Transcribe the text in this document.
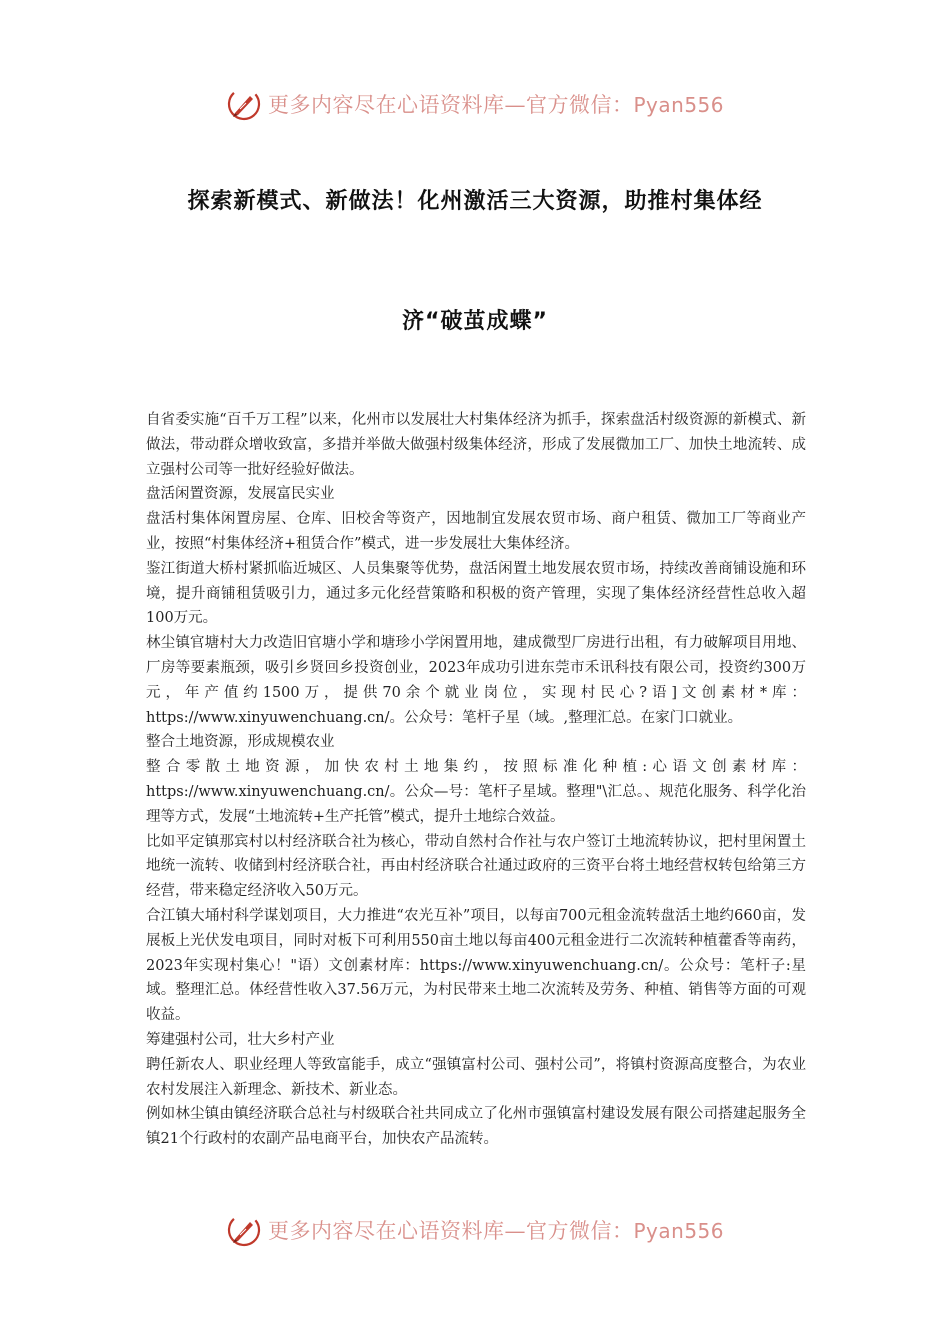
更多内容尽在心语资料库—官方微信：Pyan556
探索新模式、新做法！化州激活三大资源，助推村集体经
济“破茧成蝶”

自省委实施“百千万工程”以来，化州市以发展壮大村集体经济为抓手，探索盘活村级资源的新模式、新做法，带动群众增收致富，多措并举做大做强村级集体经济，形成了发展微加工厂、加快土地流转、成立强村公司等一批好经验好做法。

盘活闲置资源，发展富民实业

盘活村集体闲置房屋、仓库、旧校舍等资产，因地制宜发展农贸市场、商户租赁、微加工厂等商业产业，按照“村集体经济+租赁合作”模式，进一步发展壮大集体经济。

鉴江街道大桥村紧抓临近城区、人员集聚等优势，盘活闲置土地发展农贸市场，持续改善商铺设施和环境，提升商铺租赁吸引力，通过多元化经营策略和积极的资产管理，实现了集体经济经营性总收入超100万元。

林尘镇官塘村大力改造旧官塘小学和塘珍小学闲置用地，建成微型厂房进行出租，有力破解项目用地、厂房等要素瓶颈，吸引乡贤回乡投资创业，2023年成功引进东莞市禾讯科技有限公司，投资约300万元，年产值约1500万，提供70余个就业岗位，实现村民心?语]文创素材*库：https://www.xinyuwenchuang.cn/。公众号：笔杆子星（域。,整理汇总。在家门口就业。

整合土地资源，形成规模农业

整合零散土地资源，加快农村土地集约，按照标准化种植:心语文创素材库：https://www.xinyuwenchuang.cn/。公众—号：笔杆子星域。整理"\汇总。、规范化服务、科学化治理等方式，发展“土地流转+生产托管”模式，提升土地综合效益。

比如平定镇那宾村以村经济联合社为核心，带动自然村合作社与农户签订土地流转协议，把村里闲置土地统一流转、收储到村经济联合社，再由村经济联合社通过政府的三资平台将土地经营权转包给第三方经营，带来稳定经济收入50万元。

合江镇大埇村科学谋划项目，大力推进“农光互补”项目，以每亩700元租金流转盘活土地约660亩，发展板上光伏发电项目，同时对板下可利用550亩土地以每亩400元租金进行二次流转种植藿香等南药，2023年实现村集心！"语）文创素材库：https://www.xinyuwenchuang.cn/。公众号：笔杆子:星域。整理汇总。体经营性收入37.56万元，为村民带来土地二次流转及劳务、种植、销售等方面的可观收益。

筹建强村公司，壮大乡村产业

聘任新农人、职业经理人等致富能手，成立“强镇富村公司、强村公司”，将镇村资源高度整合，为农业农村发展注入新理念、新技术、新业态。

例如林尘镇由镇经济联合总社与村级联合社共同成立了化州市强镇富村建设发展有限公司搭建起服务全镇21个行政村的农副产品电商平台，加快农产品流转。

更多内容尽在心语资料库—官方微信：Pyan556
